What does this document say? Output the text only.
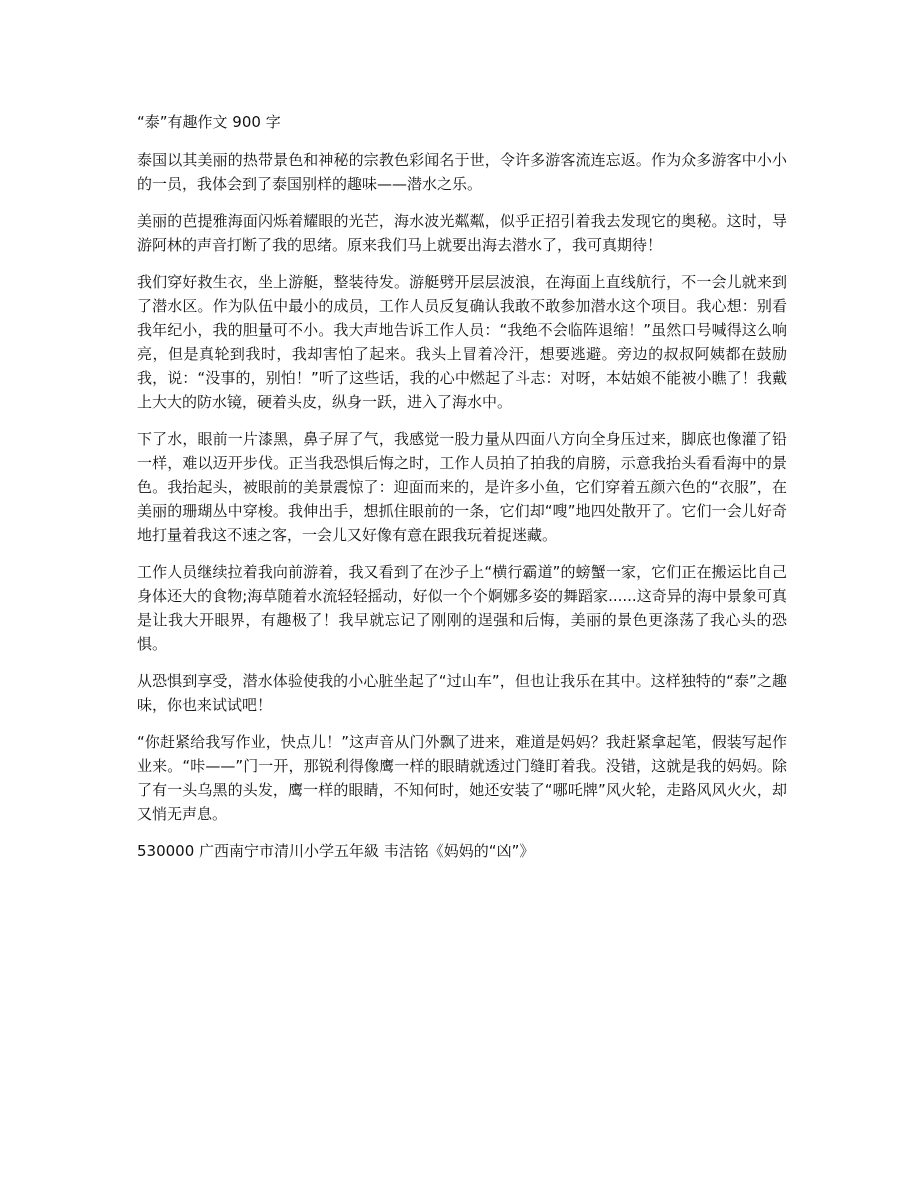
“泰”有趣作文 900 字

泰国以其美丽的热带景色和神秘的宗教色彩闻名于世，令许多游客流连忘返。作为众多游客中小小的一员，我体会到了泰国别样的趣味——潜水之乐。

美丽的芭提雅海面闪烁着耀眼的光芒，海水波光粼粼，似乎正招引着我去发现它的奥秘。这时，导游阿林的声音打断了我的思绪。原来我们马上就要出海去潜水了，我可真期待！

我们穿好救生衣，坐上游艇，整装待发。游艇劈开层层波浪，在海面上直线航行，不一会儿就来到了潜水区。作为队伍中最小的成员，工作人员反复确认我敢不敢参加潜水这个项目。我心想：别看我年纪小，我的胆量可不小。我大声地告诉工作人员：“我绝不会临阵退缩！”虽然口号喊得这么响亮，但是真轮到我时，我却害怕了起来。我头上冒着冷汗，想要逃避。旁边的叔叔阿姨都在鼓励我，说：“没事的，别怕！”听了这些话，我的心中燃起了斗志：对呀，本姑娘不能被小瞧了！我戴上大大的防水镜，硬着头皮，纵身一跃，进入了海水中。

下了水，眼前一片漆黑，鼻子屏了气，我感觉一股力量从四面八方向全身压过来，脚底也像灌了铅一样，难以迈开步伐。正当我恐惧后悔之时，工作人员拍了拍我的肩膀，示意我抬头看看海中的景色。我抬起头，被眼前的美景震惊了：迎面而来的，是许多小鱼，它们穿着五颜六色的“衣服”，在美丽的珊瑚丛中穿梭。我伸出手，想抓住眼前的一条，它们却“嗖”地四处散开了。它们一会儿好奇地打量着我这不速之客，一会儿又好像有意在跟我玩着捉迷藏。

工作人员继续拉着我向前游着，我又看到了在沙子上“横行霸道”的螃蟹一家，它们正在搬运比自己身体还大的食物;海草随着水流轻轻摇动，好似一个个婀娜多姿的舞蹈家......这奇异的海中景象可真是让我大开眼界，有趣极了！我早就忘记了刚刚的逞强和后悔，美丽的景色更涤荡了我心头的恐惧。

从恐惧到享受，潜水体验使我的小心脏坐起了“过山车”，但也让我乐在其中。这样独特的“泰”之趣味，你也来试试吧！

“你赶紧给我写作业，快点儿！”这声音从门外飘了进来，难道是妈妈？我赶紧拿起笔，假装写起作业来。“咔——”门一开，那锐利得像鹰一样的眼睛就透过门缝盯着我。没错，这就是我的妈妈。除了有一头乌黑的头发，鹰一样的眼睛，不知何时，她还安装了“哪吒牌”风火轮，走路风风火火，却又悄无声息。

530000 广西南宁市清川小学五年級 韦洁铭《妈妈的“凶”》
